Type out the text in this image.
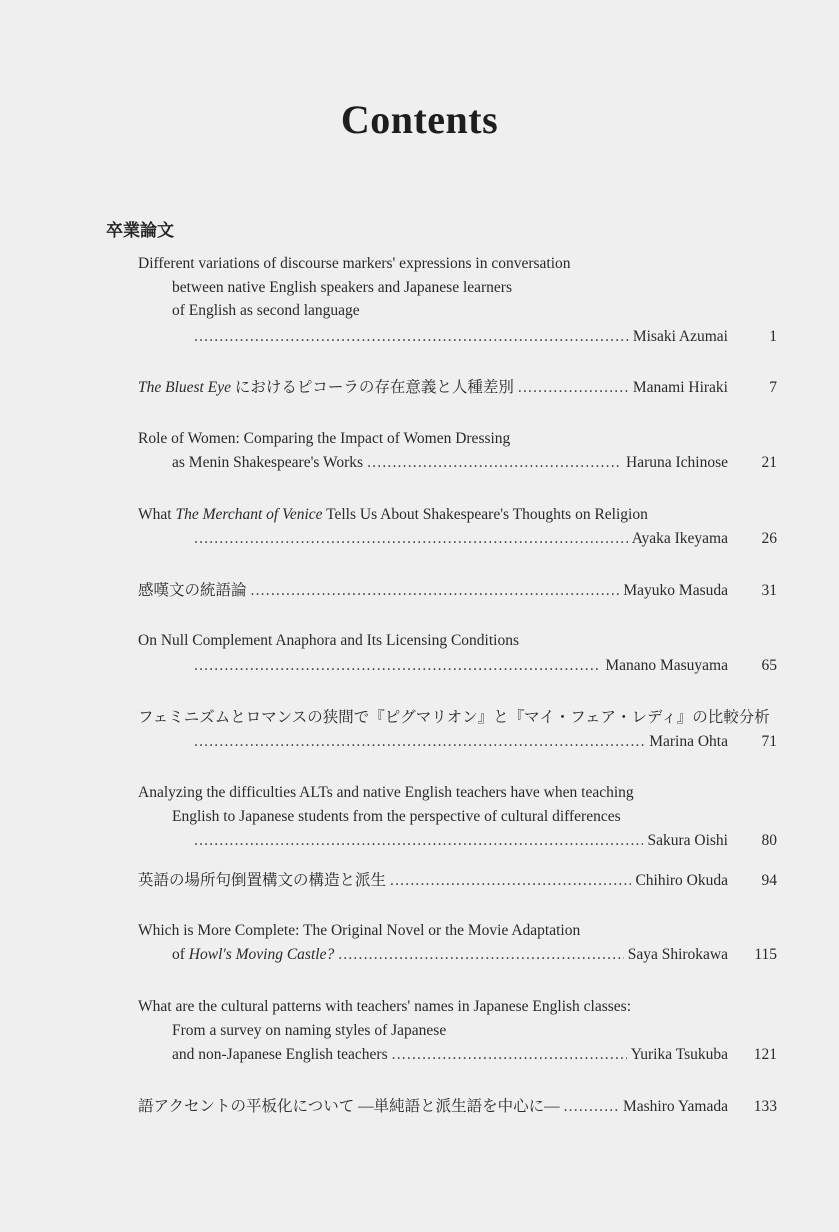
Contents
卒業論文
Different variations of discourse markers' expressions in conversation
between native English speakers and Japanese learners
of English as second language
.....
Misaki Azumai	1
The Bluest Eye におけるピコーラの存在意義と人種差別 .....	Manami Hiraki	7
Role of Women: Comparing the Impact of Women Dressing
as Menin Shakespeare's Works .....	Haruna Ichinose	21
What The Merchant of Venice Tells Us About Shakespeare's Thoughts on Religion
.....
Ayaka Ikeyama	26
感嘆文の統語論 .....	Mayuko Masuda	31
On Null Complement Anaphora and Its Licensing Conditions
.....
Manano Masuyama	65
フェミニズムとロマンスの狭間で『ピグマリオン』と『マイ・フェア・レディ』の比較分析
.....
Marina Ohta	71
Analyzing the difficulties ALTs and native English teachers have when teaching
English to Japanese students from the perspective of cultural differences
.....
Sakura Oishi	80
英語の場所句倒置構文の構造と派生 .....	Chihiro Okuda	94
Which is More Complete: The Original Novel or the Movie Adaptation
of Howl's Moving Castle? .....	Saya Shirokawa	115
What are the cultural patterns with teachers' names in Japanese English classes:
From a survey on naming styles of Japanese
and non-Japanese English teachers .....	Yurika Tsukuba	121
語アクセントの平板化について ―単純語と派生語を中心に― .....	Mashiro Yamada	133
